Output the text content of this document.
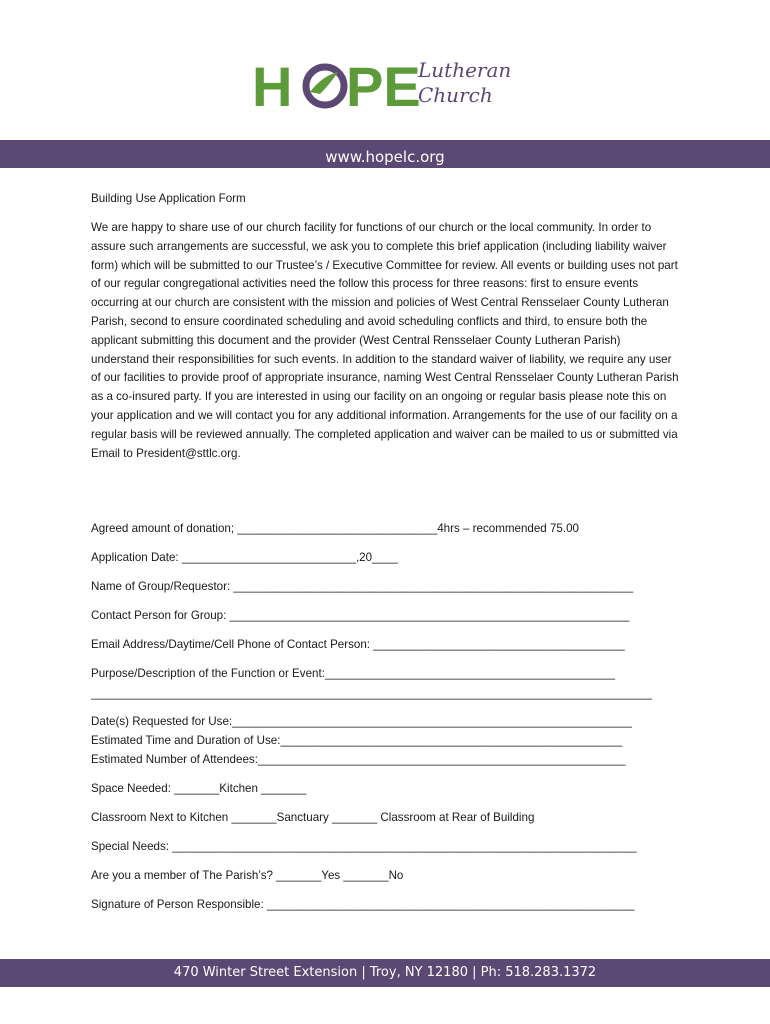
H PE
Lutheran
Church
www.hopelc.org
Building Use Application Form
We are happy to share use of our church facility for functions of our church or the local community. In order to assure such arrangements are successful, we ask you to complete this brief application (including liability waiver form) which will be submitted to our Trustee’s / Executive Committee for review. All events or building uses not part of our regular congregational activities need the follow this process for three reasons: first to ensure events occurring at our church are consistent with the mission and policies of West Central Rensselaer County Lutheran Parish, second to ensure coordinated scheduling and avoid scheduling conflicts and third, to ensure both the applicant submitting this document and the provider (West Central Rensselaer County Lutheran Parish) understand their responsibilities for such events. In addition to the standard waiver of liability, we require any user of our facilities to provide proof of appropriate insurance, naming West Central Rensselaer County Lutheran Parish as a co-insured party. If you are interested in using our facility on an ongoing or regular basis please note this on your application and we will contact you for any additional information. Arrangements for the use of our facility on a regular basis will be reviewed annually. The completed application and waiver can be mailed to us or submitted via Email to President@sttlc.org.
Agreed amount of donation; _______________________________4hrs – recommended 75.00
Application Date: ___________________________,20____
Name of Group/Requestor: ______________________________________________________________
Contact Person for Group: ______________________________________________________________
Email Address/Daytime/Cell Phone of Contact Person: _______________________________________
Purpose/Description of the Function or Event:_____________________________________________
_______________________________________________________________________________________
Date(s) Requested for Use:______________________________________________________________
Estimated Time and Duration of Use:_____________________________________________________
Estimated Number of Attendees:_________________________________________________________
Space Needed: _______Kitchen _______
Classroom Next to Kitchen _______Sanctuary _______ Classroom at Rear of Building
Special Needs: ________________________________________________________________________
Are you a member of The Parish’s? _______Yes _______No
Signature of Person Responsible: _________________________________________________________
470 Winter Street Extension | Troy, NY 12180 | Ph: 518.283.1372
